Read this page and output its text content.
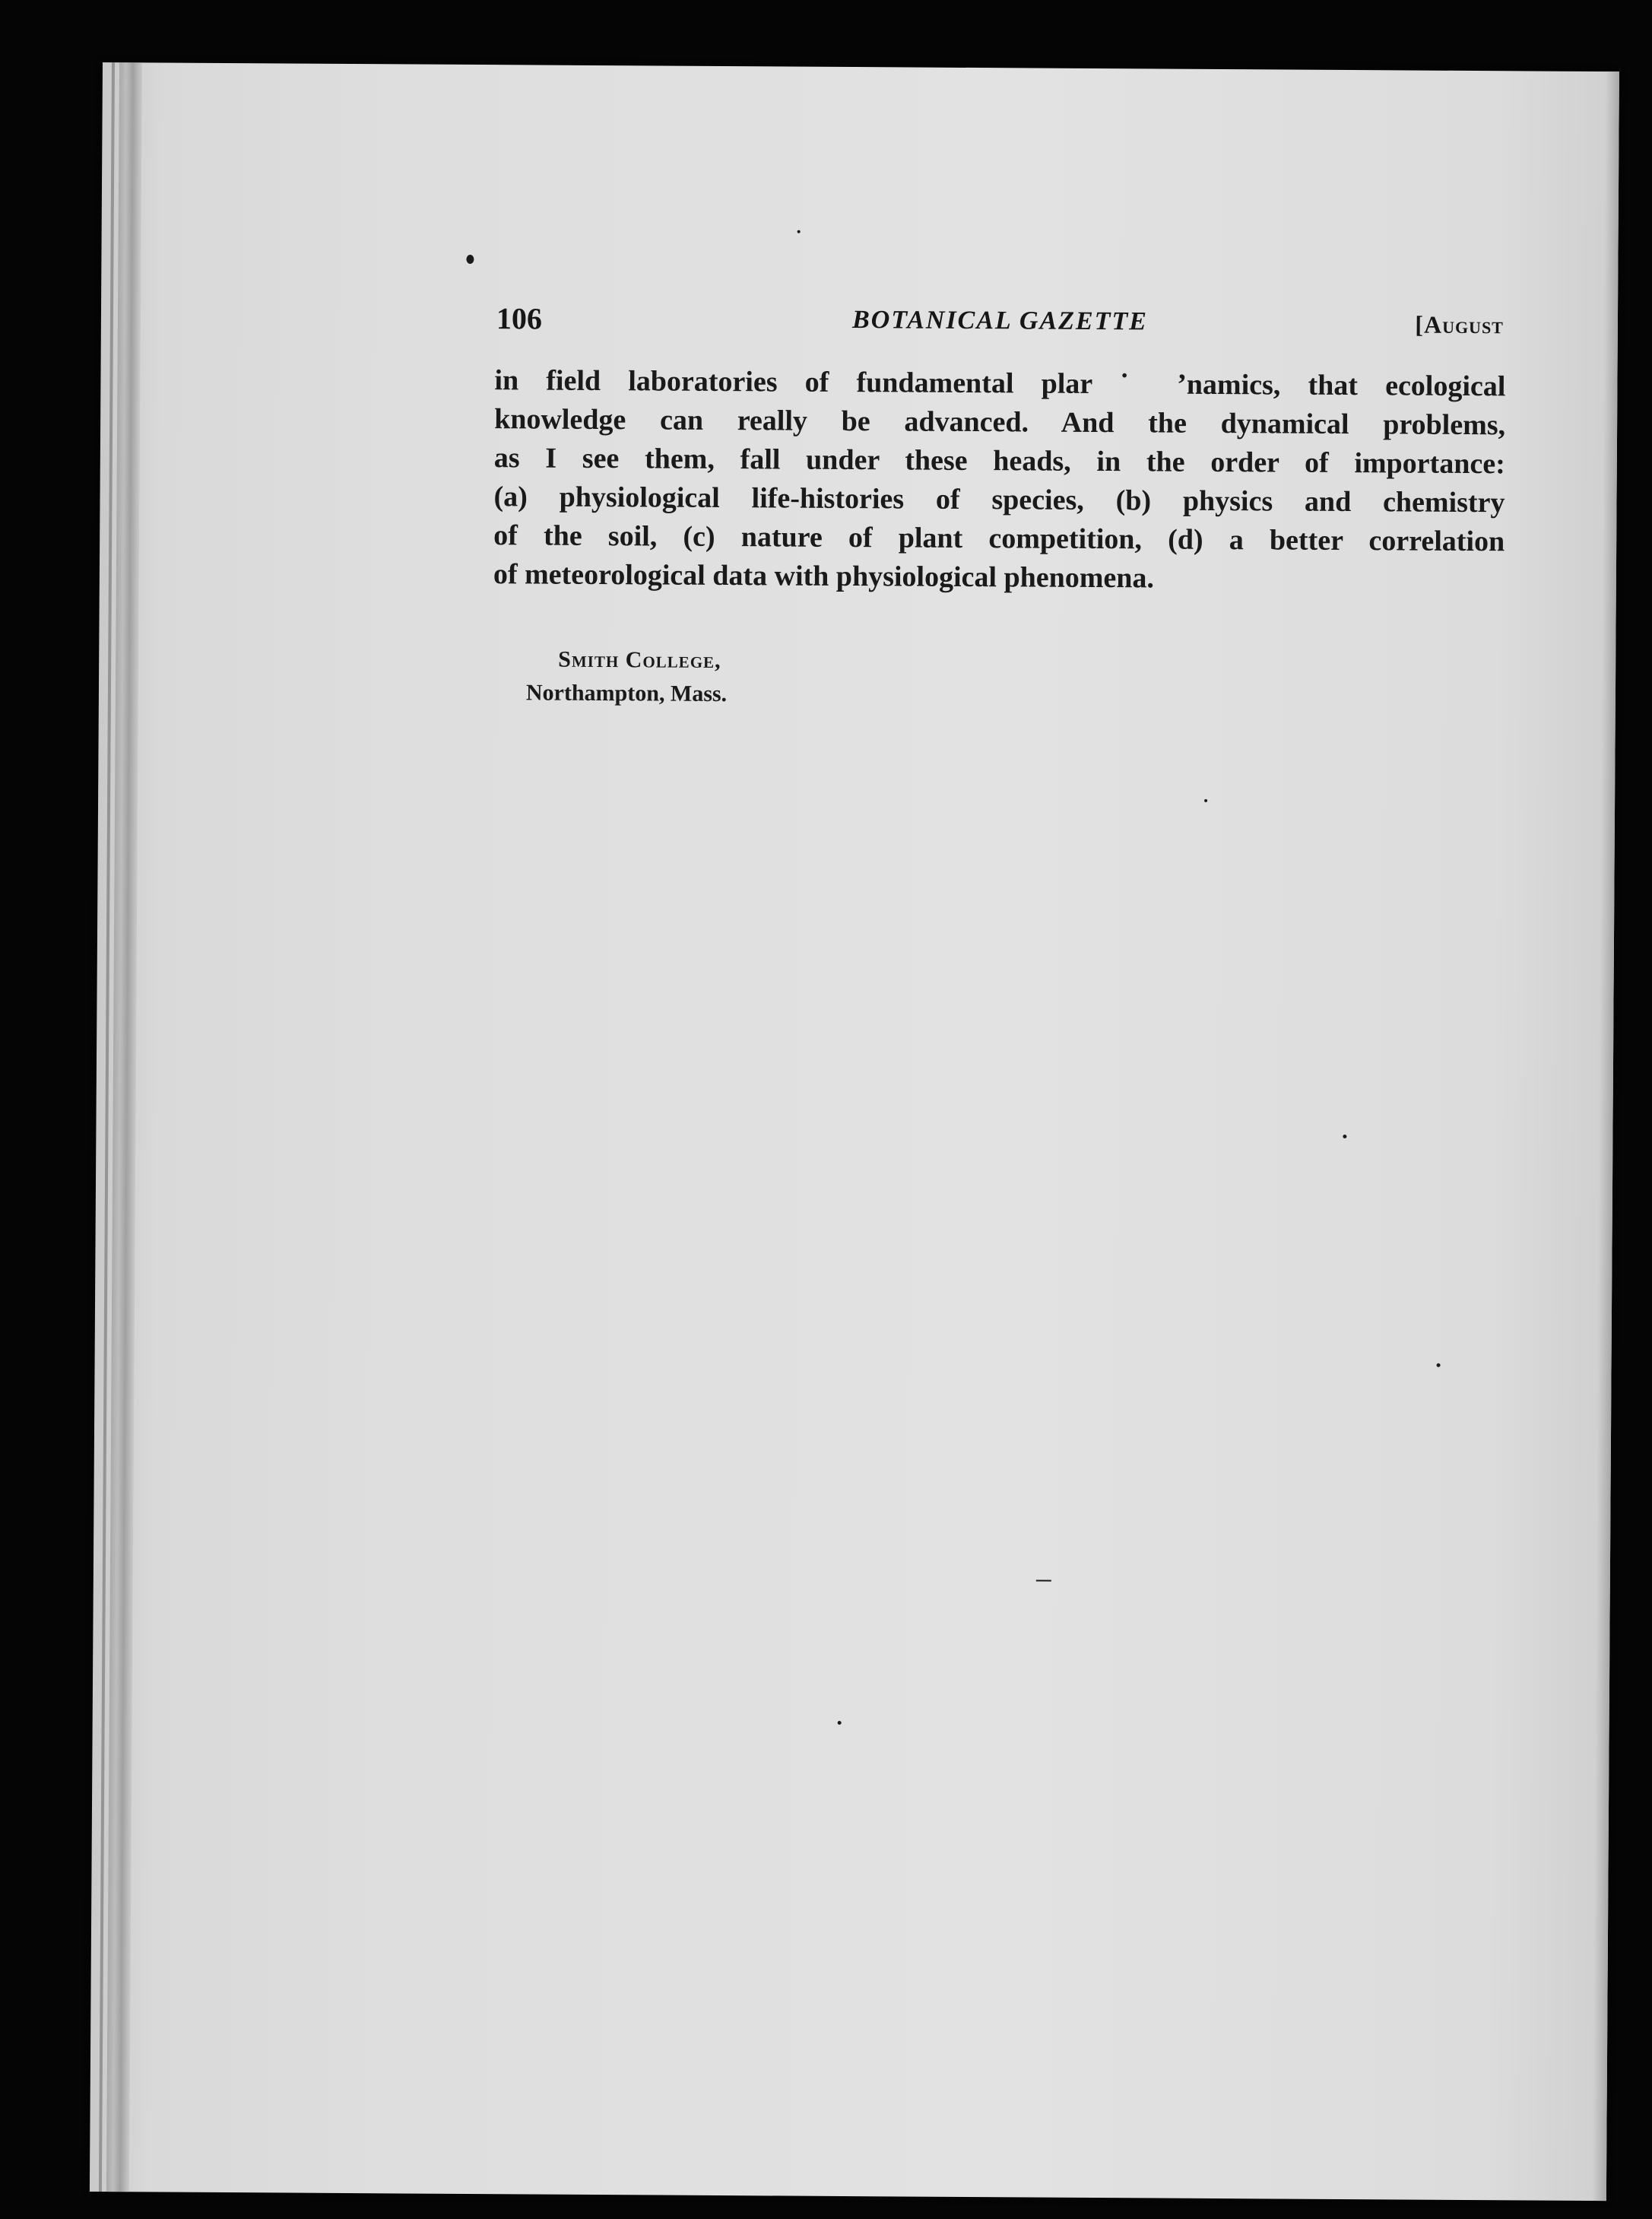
106	BOTANICAL GAZETTE	[August
in field laboratories of fundamental plar ˙ ʼnamics, that ecological
knowledge can really be advanced. And the dynamical problems,
as I see them, fall under these heads, in the order of importance:
(a) physiological life-histories of species, (b) physics and chemistry
of the soil, (c) nature of plant competition, (d) a better correlation
of meteorological data with physiological phenomena.
Smith College,
Northampton, Mass.
